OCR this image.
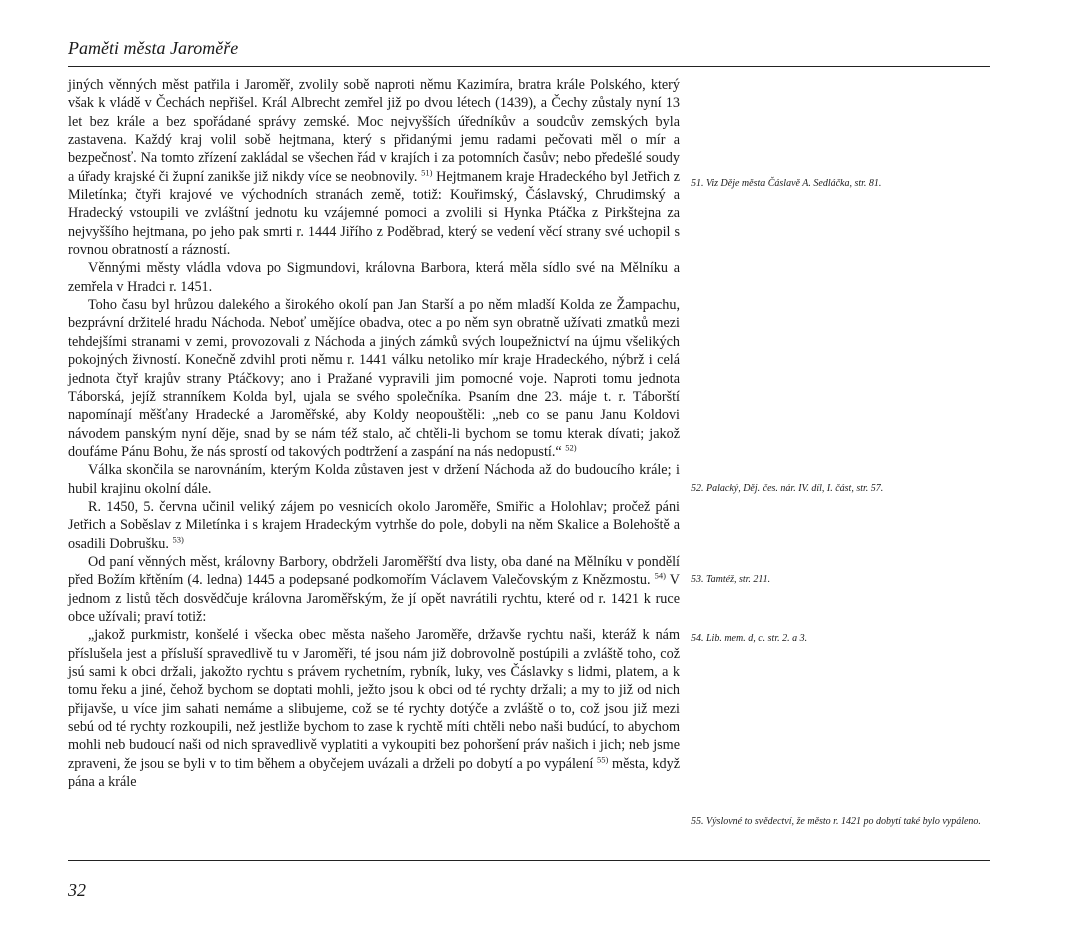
Paměti města Jaroměře

jiných věnných měst patřila i Jaroměř, zvolily sobě naproti němu Kazimíra, bratra krále Polského, který však k vládě v Čechách nepřišel. Král Albrecht zemřel již po dvou létech (1439), a Čechy zůstaly nyní 13 let bez krále a bez spořádané správy zemské. Moc nejvyšších úředníkův a soudcův zemských byla zastavena. Každý kraj volil sobě hejtmana, který s přidanými jemu radami pečovati měl o mír a bezpečnosť. Na tomto zřízení zakládal se všechen řád v krajích i za potomních časův; nebo předešlé soudy a úřady krajské či župní zanikše již nikdy více se neobnovily. $^{51)}$ Hejtmanem kraje Hradeckého byl Jetřich z Miletínka; čtyři krajové ve východních stranách země, totiž: Kouřimský, Čáslavský, Chrudimský a Hradecký vstoupili ve zvláštní jednotu ku vzájemné pomoci a zvolili si Hynka Ptáčka z Pirkštejna za nejvyššího hejtmana, po jeho pak smrti r. 1444 Jiřího z Poděbrad, který se vedení věcí strany své uchopil s rovnou obratností a rázností.

Věnnými městy vládla vdova po Sigmundovi, královna Barbora, která měla sídlo své na Mělníku a zemřela v Hradci r. 1451.

Toho času byl hrůzou dalekého a širokého okolí pan Jan Starší a po něm mladší Kolda ze Žampachu, bezprávní držitelé hradu Náchoda. Neboť umějíce obadva, otec a po něm syn obratně užívati zmatků mezi tehdejšími stranami v zemi, provozovali z Náchoda a jiných zámků svých loupežnictví na újmu všelikých pokojných živností. Konečně zdvihl proti němu r. 1441 válku netoliko mír kraje Hradeckého, nýbrž i celá jednota čtyř krajův strany Ptáčkovy; ano i Pražané vypravili jim pomocné voje. Naproti tomu jednota Táborská, jejíž stranníkem Kolda byl, ujala se svého společníka. Psaním dne 23. máje t. r. Táborští napomínají měšťany Hradecké a Jaroměřské, aby Koldy neopouštěli: „neb co se panu Janu Koldovi návodem panským nyní děje, snad by se nám též stalo, ač chtěli-li bychom se tomu kterak dívati; jakož doufáme Pánu Bohu, že nás sprostí od takových podtržení a zaspání na nás nedopustí.“ $^{52)}$

Válka skončila se narovnáním, kterým Kolda zůstaven jest v držení Náchoda až do budoucího krále; i hubil krajinu okolní dále.

R. 1450, 5. června učinil veliký zájem po vesnicích okolo Jaroměře, Smiřic a Holohlav; pročež páni Jetřich a Soběslav z Miletínka i s krajem Hradeckým vytrhše do pole, dobyli na něm Skalice a Bolehoště a osadili Dobrušku. $^{53)}$

Od paní věnných měst, královny Barbory, obdrželi Jaroměřští dva listy, oba dané na Mělníku v pondělí před Božím křtěním (4. ledna) 1445 a podepsané podkomořím Václavem Valečovským z Knězmostu. $^{54)}$ V jednom z listů těch dosvědčuje královna Jaroměřským, že jí opět navrátili rychtu, které od r. 1421 k ruce obce užívali; praví totiž:

„jakož purkmistr, konšelé i všecka obec města našeho Jaroměře, državše rychtu naši, kteráž k nám příslušela jest a přísluší spravedlivě tu v Jaroměři, té jsou nám již dobrovolně postúpili a zvláště toho, což jsú sami k obci držali, jakožto rychtu s právem rychetním, rybník, luky, ves Čáslavky s lidmi, platem, a k tomu řeku a jiné, čehož bychom se doptati mohli, ježto jsou k obci od té rychty držali; a my to již od nich přijavše, u více jim sahati nemáme a slibujeme, což se té rychty dotýče a zvláště o to, což jsou již mezi sebú od té rychty rozkoupili, než jestliže bychom to zase k rychtě míti chtěli nebo naši budúcí, to abychom mohli neb budoucí naši od nich spravedlivě vyplatiti a vykoupiti bez pohoršení práv našich i jich; neb jsme zpraveni, že jsou se byli v to tim během a obyčejem uvázali a drželi po dobytí a po vypálení $^{55)}$ města, když pána a krále

51. Viz Děje města Čáslavě A. Sedláčka, str. 81.

52. Palacký, Děj. čes. nár. IV. díl, I. část, str. 57.

53. Tamtéž, str. 211.

54. Lib. mem. d, c. str. 2. a 3.

55. Výslovné to svědectví, že město r. 1421 po dobytí také bylo vypáleno.

32
